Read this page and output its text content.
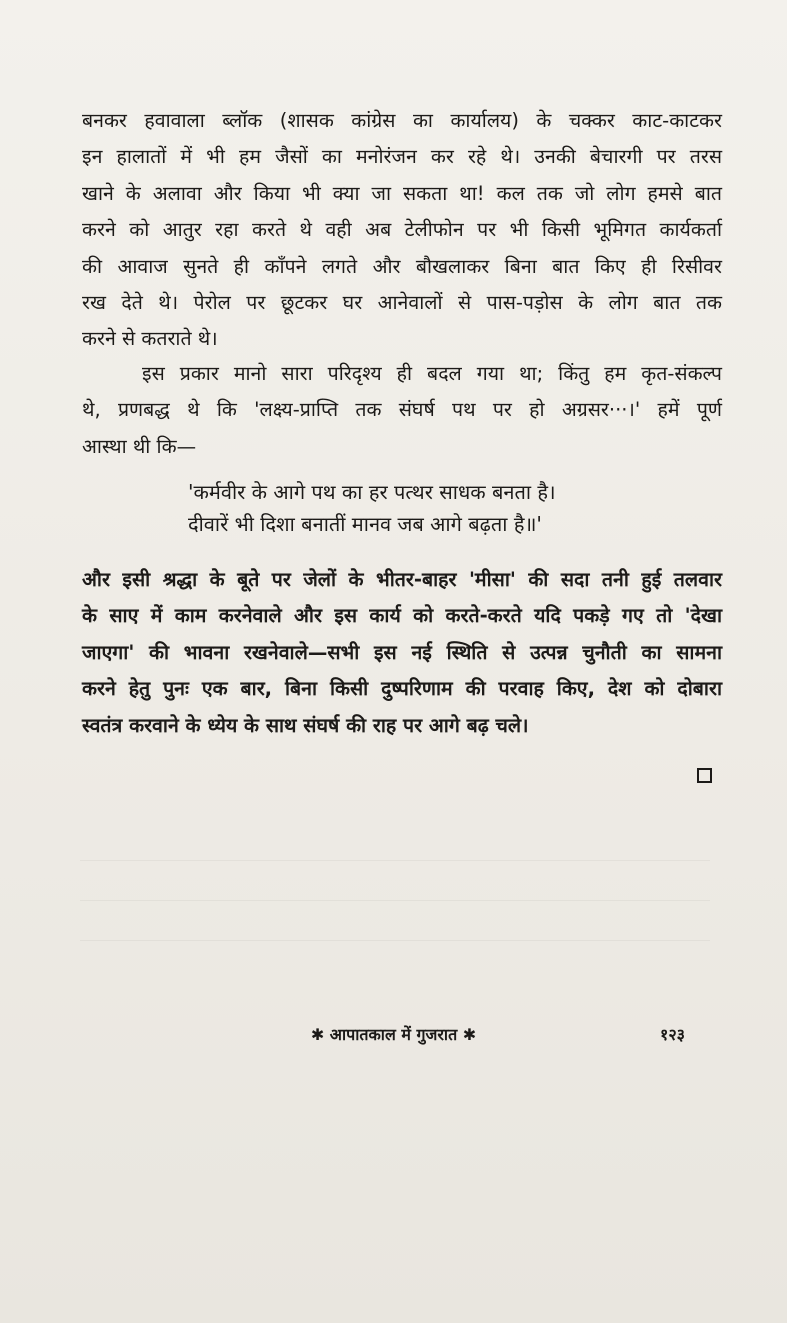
बनकर हवावाला ब्लॉक (शासक कांग्रेस का कार्यालय) के चक्कर काट-काटकर
इन हालातों में भी हम जैसों का मनोरंजन कर रहे थे। उनकी बेचारगी पर तरस
खाने के अलावा और किया भी क्या जा सकता था! कल तक जो लोग हमसे बात
करने को आतुर रहा करते थे वही अब टेलीफोन पर भी किसी भूमिगत कार्यकर्ता
की आवाज सुनते ही काँपने लगते और बौखलाकर बिना बात किए ही रिसीवर
रख देते थे। पेरोल पर छूटकर घर आनेवालों से पास-पड़ोस के लोग बात तक
करने से कतराते थे।
इस प्रकार मानो सारा परिदृश्य ही बदल गया था; किंतु हम कृत-संकल्प
थे, प्रणबद्ध थे कि 'लक्ष्य-प्राप्ति तक संघर्ष पथ पर हो अग्रसर···।' हमें पूर्ण
आस्था थी कि—
'कर्मवीर के आगे पथ का हर पत्थर साधक बनता है।
दीवारें भी दिशा बनातीं मानव जब आगे बढ़ता है॥'
और इसी श्रद्धा के बूते पर जेलों के भीतर-बाहर 'मीसा' की सदा तनी हुई तलवार
के साए में काम करनेवाले और इस कार्य को करते-करते यदि पकड़े गए तो 'देखा
जाएगा' की भावना रखनेवाले—सभी इस नई स्थिति से उत्पन्न चुनौती का सामना
करने हेतु पुनः एक बार, बिना किसी दुष्परिणाम की परवाह किए, देश को दोबारा
स्वतंत्र करवाने के ध्येय के साथ संघर्ष की राह पर आगे बढ़ चले।
✱ आपातकाल में गुजरात ✱	१२३
